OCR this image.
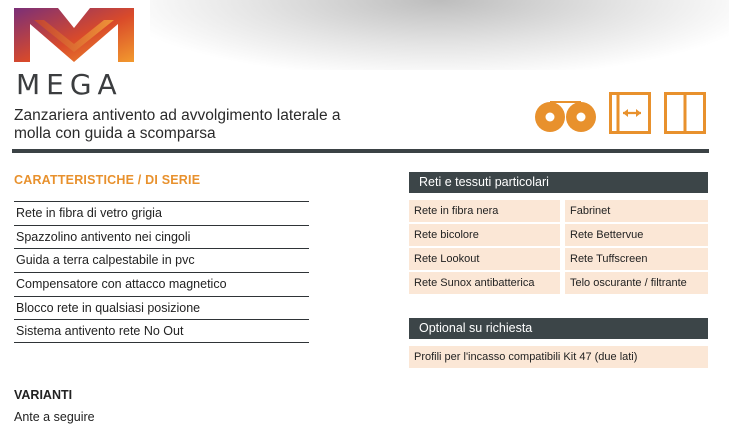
MEGA
Zanzariera antivento ad avvolgimento laterale a molla con guida a scomparsa
CARATTERISTICHE / DI SERIE
Rete in fibra di vetro grigia
Spazzolino antivento nei cingoli
Guida a terra calpestabile in pvc
Compensatore con attacco magnetico
Blocco rete in qualsiasi posizione
Sistema antivento rete No Out
Reti e tessuti particolari
Rete in fibra nera
Rete bicolore
Rete Lookout
Rete Sunox antibatterica
Fabrinet
Rete Bettervue
Rete Tuffscreen
Telo oscurante / filtrante
Optional su richiesta
Profili per l'incasso compatibili Kit 47 (due lati)
VARIANTI
Ante a seguire
